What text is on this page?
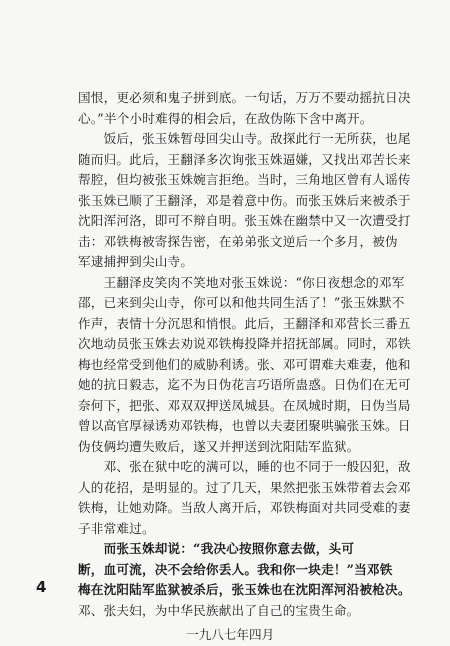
国恨，更必须和鬼子拼到底。一句话，万万不要动摇抗日决
心。”半个小时难得的相会后，在敌伪陈下含中离开。
　　饭后，张玉姝暂母回尖山寺。敌探此行一无所获，也尾
随而归。此后，王翻泽多次询张玉姝逼嫌，又找出邓苦长来
帮腔，但均被张玉姝婉言拒绝。当时，三角地区曾有人谣传
张玉姝已顺了王翻泽，邓是着意中伤。而张玉姝后来被杀于
沈阳浑河洛，即可不辩自明。张玉姝在幽禁中又一次遭受打
击：邓铁梅被寄探告密，在弟弟张文逆后一个多月，被伪
军逮捕押到尖山寺。
　　王翻泽皮笑肉不笑地对张玉姝说：“你日夜想念的邓军
邵，已来到尖山寺，你可以和他共同生活了！”张玉姝默不
作声，表情十分沉思和悄恨。此后，王翻泽和邓营长三番五
次地动员张玉姝去劝说邓铁梅投降并招抚部属。同时，邓铁
梅也经常受到他们的威胁利诱。张、邓可谓难夫难妻，他和
她的抗日毅志，迄不为日伪花言巧语所蛊惑。日伪们在无可
奈何下，把张、邓双双押送凤城县。在凤城时期，日伪当局
曾以高官厚禄诱劝邓铁梅，也曾以夫妻团聚哄骗张玉姝。日
伪伎俩均遭失败后，遂又并押送到沈阳陆军监狱。
　　邓、张在狱中吃的满可以，睡的也不同于一般囚犯，敌
人的花招，是明显的。过了几天，果然把张玉姝带着去会邓
铁梅，让她劝降。当敌人离开后，邓铁梅面对共同受难的妻
子非常难过。
　　而张玉姝却说：“我决心按照你意去做，头可
断，血可流，决不会给你丢人。我和你一块走！”当邓铁
梅在沈阳陆军监狱被杀后，张玉姝也在沈阳浑河沿被枪决。
邓、张夫妇，为中华民族献出了自己的宝贵生命。
一九八七年四月
4
